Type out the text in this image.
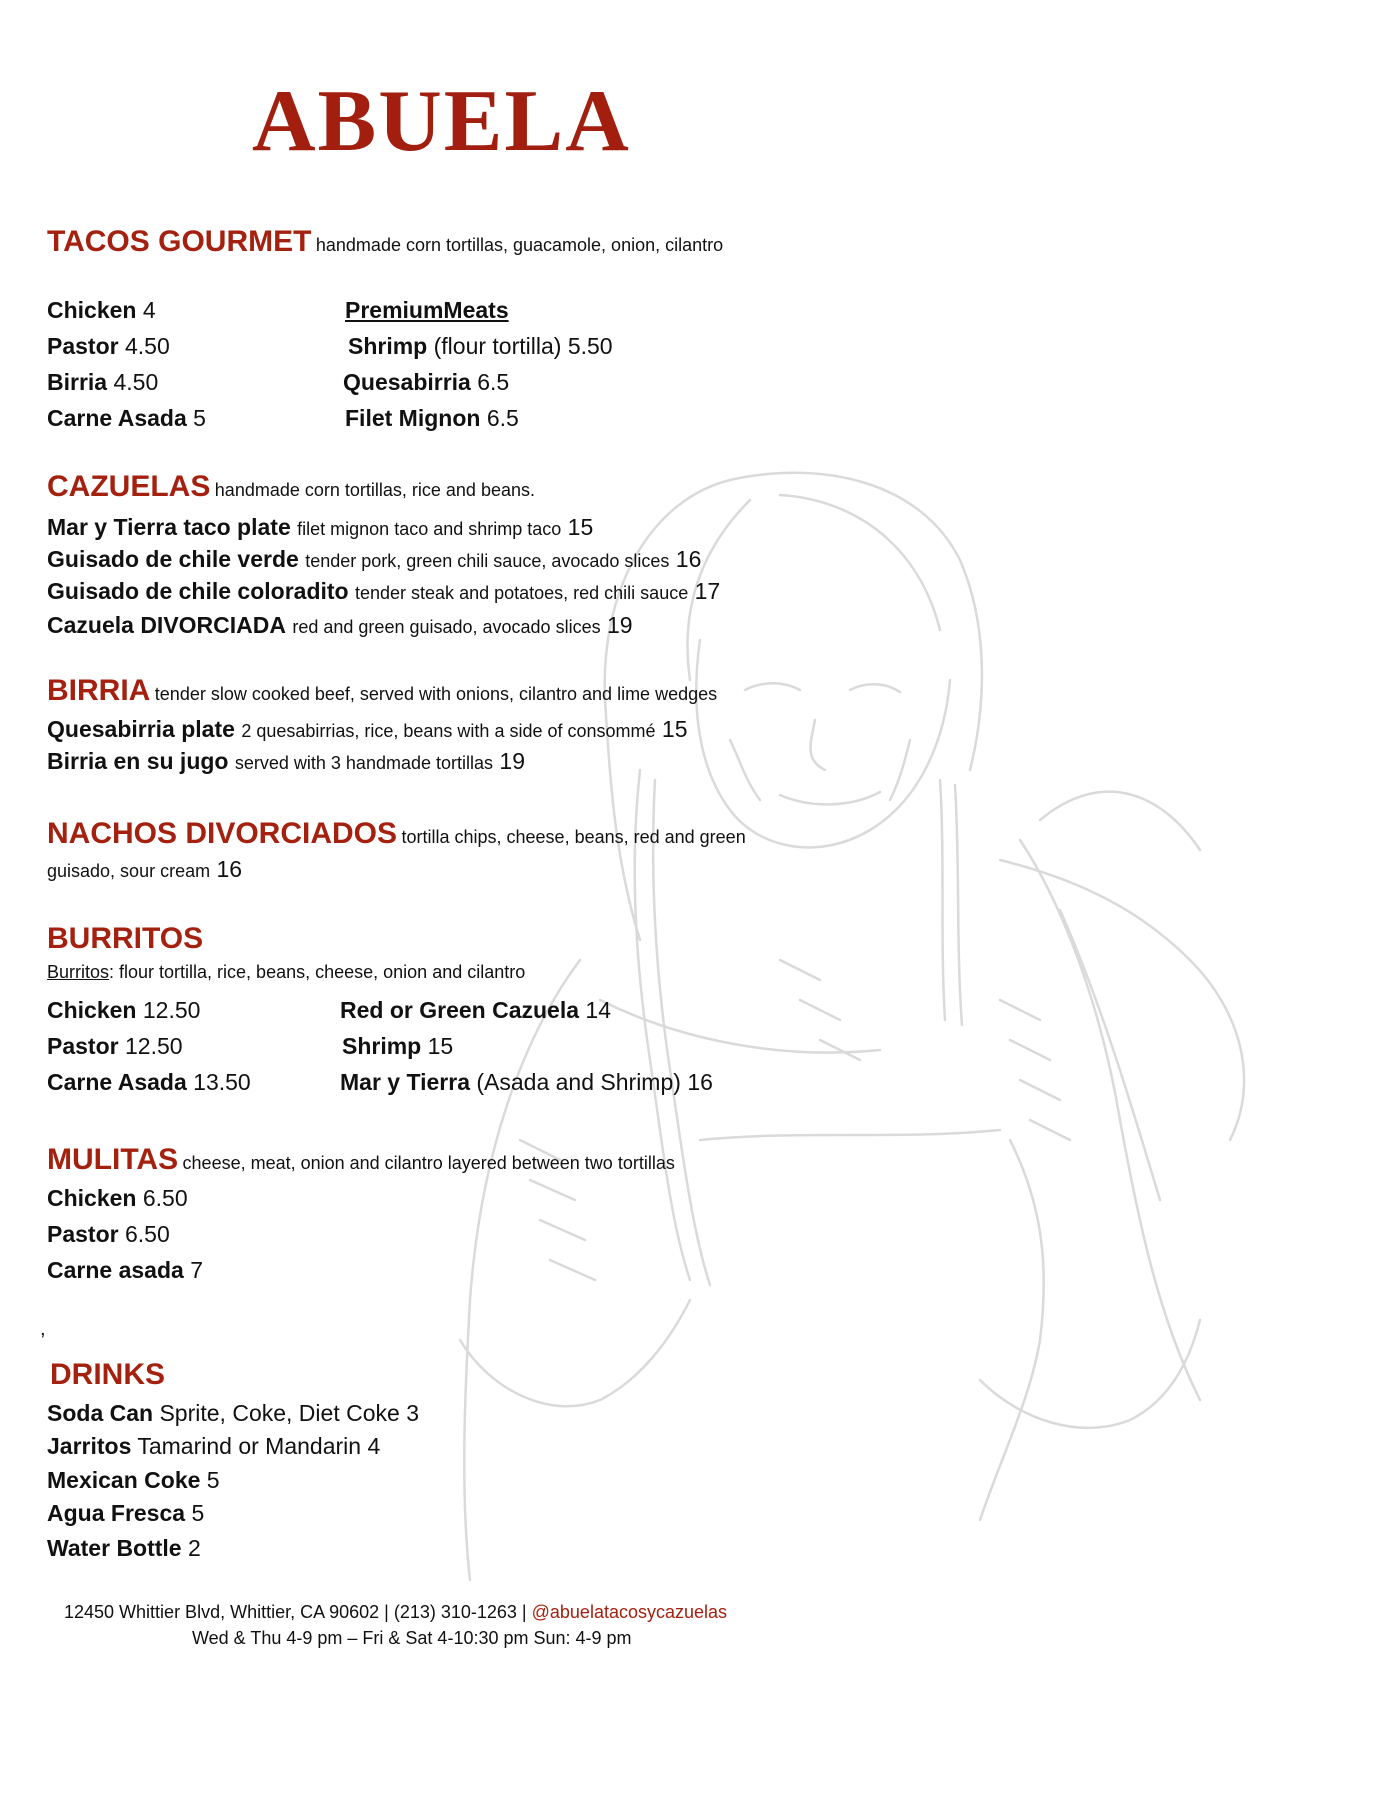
ABUELA
TACOS GOURMET handmade corn tortillas, guacamole, onion, cilantro
Chicken 4
Pastor 4.50
Birria 4.50
Carne Asada 5
PremiumMeats
Shrimp (flour tortilla) 5.50
Quesabirria 6.5
Filet Mignon 6.5
CAZUELAS handmade corn tortillas, rice and beans.
Mar y Tierra taco plate filet mignon taco and shrimp taco 15
Guisado de chile verde tender pork, green chili sauce, avocado slices 16
Guisado de chile coloradito tender steak and potatoes, red chili sauce 17
Cazuela DIVORCIADA red and green guisado, avocado slices 19
BIRRIA tender slow cooked beef, served with onions, cilantro and lime wedges
Quesabirria plate 2 quesabirrias, rice, beans with a side of consommé 15
Birria en su jugo served with 3 handmade tortillas 19
NACHOS DIVORCIADOS tortilla chips, cheese, beans, red and green
guisado, sour cream 16
BURRITOS
Burritos: flour tortilla, rice, beans, cheese, onion and cilantro
Chicken 12.50
Pastor 12.50
Carne Asada 13.50
Red or Green Cazuela 14
Shrimp 15
Mar y Tierra (Asada and Shrimp) 16
MULITAS cheese, meat, onion and cilantro layered between two tortillas
Chicken 6.50
Pastor 6.50
Carne asada 7
,
DRINKS
Soda Can Sprite, Coke, Diet Coke 3
Jarritos Tamarind or Mandarin 4
Mexican Coke 5
Agua Fresca 5
Water Bottle 2
12450 Whittier Blvd, Whittier, CA 90602 | (213) 310-1263 | @abuelatacosycazuelas
Wed & Thu 4-9 pm – Fri & Sat 4-10:30 pm Sun: 4-9 pm
